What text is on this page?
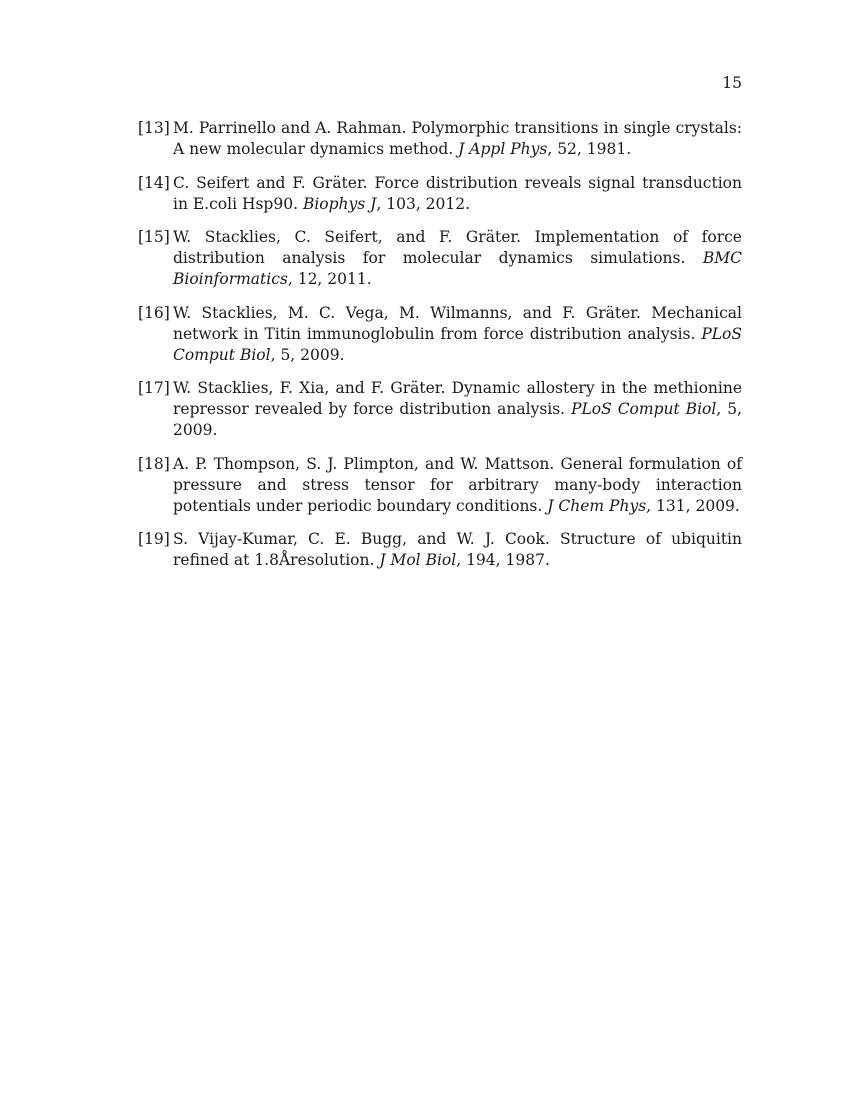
15
[13] M. Parrinello and A. Rahman. Polymorphic transitions in single crystals: A new molecular dynamics method. J Appl Phys, 52, 1981.
[14] C. Seifert and F. Gräter. Force distribution reveals signal transduction in E.coli Hsp90. Biophys J, 103, 2012.
[15] W. Stacklies, C. Seifert, and F. Gräter. Implementation of force distribution analysis for molecular dynamics simulations. BMC Bioinformatics, 12, 2011.
[16] W. Stacklies, M. C. Vega, M. Wilmanns, and F. Gräter. Mechanical network in Titin immunoglobulin from force distribution analysis. PLoS Comput Biol, 5, 2009.
[17] W. Stacklies, F. Xia, and F. Gräter. Dynamic allostery in the methionine repressor revealed by force distribution analysis. PLoS Comput Biol, 5, 2009.
[18] A. P. Thompson, S. J. Plimpton, and W. Mattson. General formulation of pressure and stress tensor for arbitrary many-body interaction potentials under periodic boundary conditions. J Chem Phys, 131, 2009.
[19] S. Vijay-Kumar, C. E. Bugg, and W. J. Cook. Structure of ubiquitin refined at 1.8Åresolution. J Mol Biol, 194, 1987.
